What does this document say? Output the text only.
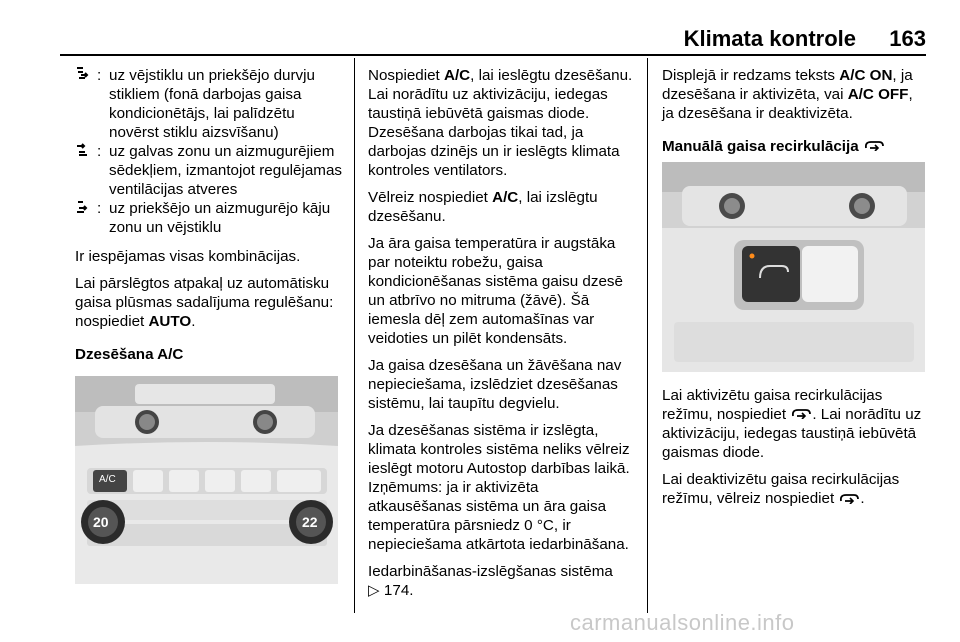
Klimata kontrole 163
: uz vējstiklu un priekšējo durvju stikliem (fonā darbojas gaisa kondicionētājs, lai palīdzētu novērst stiklu aizsvīšanu)
: uz galvas zonu un aizmugurējiem sēdekļiem, izmantojot regulējamas ventilācijas atveres
: uz priekšējo un aizmugurējo kāju zonu un vējstiklu

Ir iespējamas visas kombinācijas.

Lai pārslēgtos atpakaļ uz automātisku gaisa plūsmas sadalījuma regulēšanu: nospiediet AUTO.

Dzesēšana A/C

A/C
20	22

Nospiediet A/C, lai ieslēgtu dzesēšanu. Lai norādītu uz aktivizāciju, iedegas taustiņā iebūvētā gaismas diode. Dzesēšana darbojas tikai tad, ja darbojas dzinējs un ir ieslēgts klimata kontroles ventilators.

Vēlreiz nospiediet A/C, lai izslēgtu dzesēšanu.

Ja āra gaisa temperatūra ir augstāka par noteiktu robežu, gaisa kondicionēšanas sistēma gaisu dzesē un atbrīvo no mitruma (žāvē). Šā iemesla dēļ zem automašīnas var veidoties un pilēt kondensāts.

Ja gaisa dzesēšana un žāvēšana nav nepieciešama, izslēdziet dzesēšanas sistēmu, lai taupītu degvielu.

Ja dzesēšanas sistēma ir izslēgta, klimata kontroles sistēma neliks vēlreiz ieslēgt motoru Autostop darbības laikā. Izņēmums: ja ir aktivizēta atkausēšanas sistēma un āra gaisa temperatūra pārsniedz 0 °C, ir nepieciešama atkārtota iedarbināšana.

Iedarbināšanas-izslēgšanas sistēma
▷ 174.

Displejā ir redzams teksts A/C ON, ja dzesēšana ir aktivizēta, vai A/C OFF, ja dzesēšana ir deaktivizēta.

Manuālā gaisa recirkulācija

Lai aktivizētu gaisa recirkulācijas režīmu, nospiediet . Lai norādītu uz aktivizāciju, iedegas taustiņā iebūvētā gaismas diode.

Lai deaktivizētu gaisa recirkulācijas režīmu, vēlreiz nospiediet .

carmanualsonline.info
